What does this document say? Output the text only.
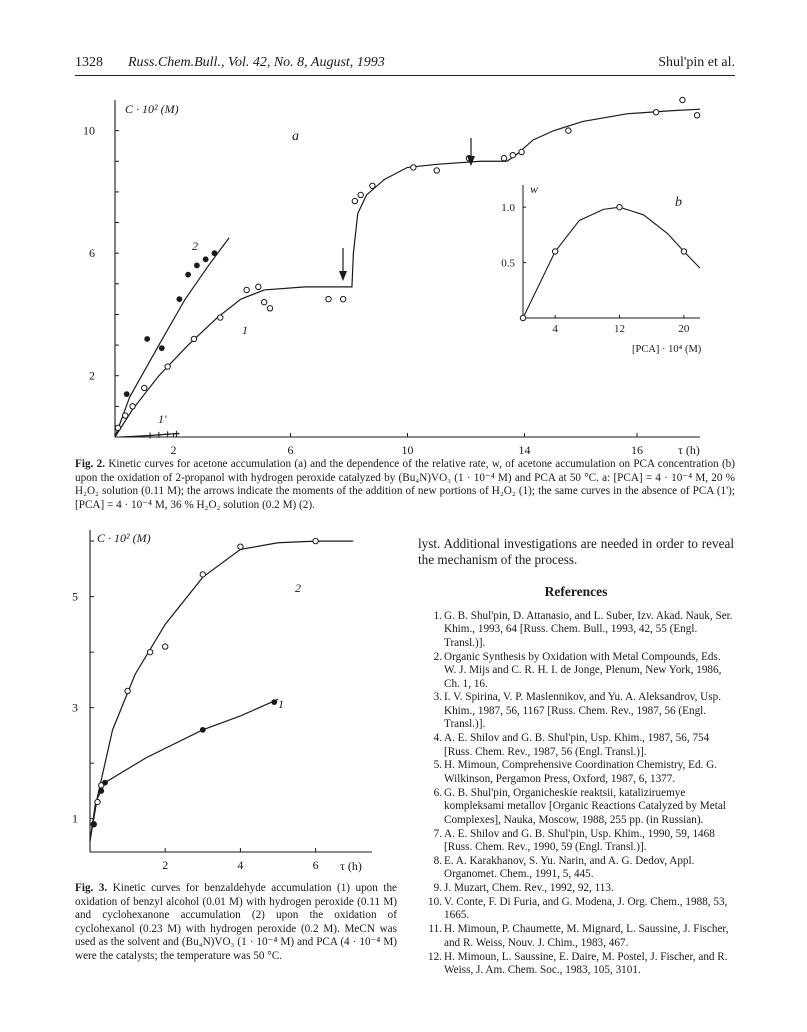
1328 Russ.Chem.Bull., Vol. 42, No. 8, August, 1993	Shul'pin et al.
2	6	10	14	16
2
6
10
C · 10² (M)
a
τ (h)
2
1
1'
4	12	20
0.5
1.0
w
b
[PCA] · 10⁴ (M)
Fig. 2. Kinetic curves for acetone accumulation (a) and the dependence of the relative rate, w, of acetone accumulation on PCA concentration (b) upon the oxidation of 2-propanol with hydrogen peroxide catalyzed by (Bu₄N)VO₃ (1 · 10⁻⁴ M) and PCA at 50 °C. a: [PCA] = 4 · 10⁻⁴ M, 20 % H₂O₂ solution (0.11 M); the arrows indicate the moments of the addition of new portions of H₂O₂ (1); the same curves in the absence of PCA (1'); [PCA] = 4 · 10⁻⁴ M, 36 % H₂O₂ solution (0.2 M) (2).
2	4	6
1
3
5
C · 10² (M)
τ (h)
2
1
Fig. 3. Kinetic curves for benzaldehyde accumulation (1) upon the oxidation of benzyl alcohol (0.01 M) with hydrogen peroxide (0.11 M) and cyclohexanone accumulation (2) upon the oxidation of cyclohexanol (0.23 M) with hydrogen peroxide (0.2 M). MeCN was used as the solvent and (Bu₄N)VO₃ (1 · 10⁻⁴ M) and PCA (4 · 10⁻⁴ M) were the catalysts; the temperature was 50 °C.

lyst. Additional investigations are needed in order to reveal the mechanism of the process.

References
1. G. B. Shul'pin, D. Attanasio, and L. Suber, Izv. Akad. Nauk, Ser. Khim., 1993, 64 [Russ. Chem. Bull., 1993, 42, 55 (Engl. Transl.)].
2. Organic Synthesis by Oxidation with Metal Compounds, Eds. W. J. Mijs and C. R. H. I. de Jonge, Plenum, New York, 1986, Ch. 1, 16.
3. I. V. Spirina, V. P. Maslennikov, and Yu. A. Aleksandrov, Usp. Khim., 1987, 56, 1167 [Russ. Chem. Rev., 1987, 56 (Engl. Transl.)].
4. A. E. Shilov and G. B. Shul'pin, Usp. Khim., 1987, 56, 754 [Russ. Chem. Rev., 1987, 56 (Engl. Transl.)].
5. H. Mimoun, Comprehensive Coordination Chemistry, Ed. G. Wilkinson, Pergamon Press, Oxford, 1987, 6, 1377.
6. G. B. Shul'pin, Organicheskie reaktsii, kataliziruemye kompleksami metallov [Organic Reactions Catalyzed by Metal Complexes], Nauka, Moscow, 1988, 255 pp. (in Russian).
7. A. E. Shilov and G. B. Shul'pin, Usp. Khim., 1990, 59, 1468 [Russ. Chem. Rev., 1990, 59 (Engl. Transl.)].
8. E. A. Karakhanov, S. Yu. Narin, and A. G. Dedov, Appl. Organomet. Chem., 1991, 5, 445.
9. J. Muzart, Chem. Rev., 1992, 92, 113.
10. V. Conte, F. Di Furia, and G. Modena, J. Org. Chem., 1988, 53, 1665.
11. H. Mimoun, P. Chaumette, M. Mignard, L. Saussine, J. Fischer, and R. Weiss, Nouv. J. Chim., 1983, 467.
12. H. Mimoun, L. Saussine, E. Daire, M. Postel, J. Fischer, and R. Weiss, J. Am. Chem. Soc., 1983, 105, 3101.
